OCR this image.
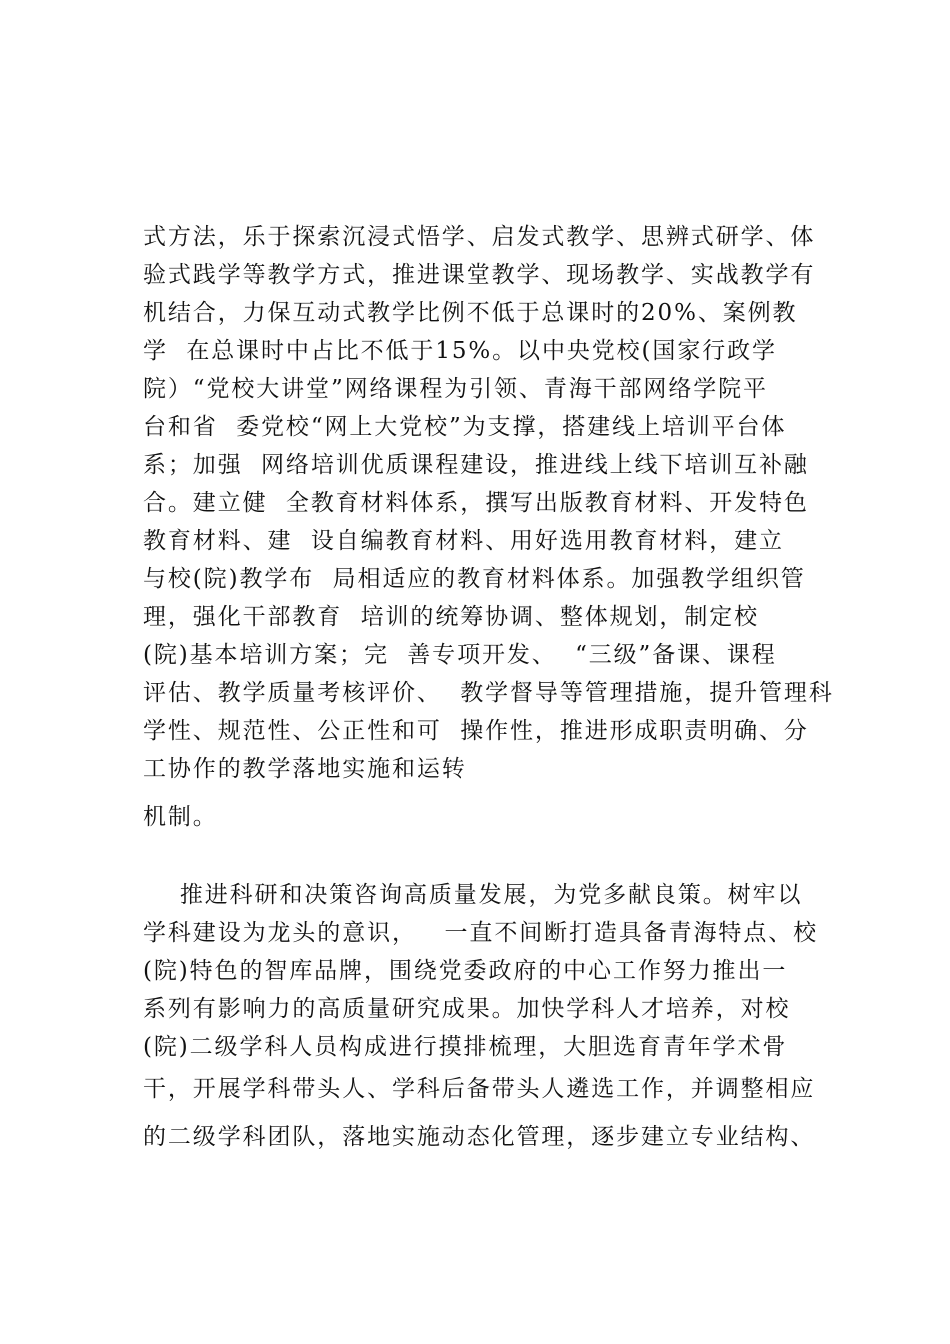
式方法，乐于探索沉浸式悟学、启发式教学、思辨式研学、体
验式践学等教学方式，推进课堂教学、现场教学、实战教学有
机结合，力保互动式教学比例不低于总课时的20%、案例教
学  在总课时中占比不低于15%。以中央党校(国家行政学
院）“党校大讲堂”网络课程为引领、青海干部网络学院平
台和省  委党校“网上大党校”为支撑，搭建线上培训平台体
系；加强  网络培训优质课程建设，推进线上线下培训互补融
合。建立健  全教育材料体系，撰写出版教育材料、开发特色
教育材料、建  设自编教育材料、用好选用教育材料，建立
与校(院)教学布  局相适应的教育材料体系。加强教学组织管
理，强化干部教育  培训的统筹协调、整体规划，制定校
(院)基本培训方案；完  善专项开发、  “三级”备课、课程
评估、教学质量考核评价、  教学督导等管理措施，提升管理科
学性、规范性、公正性和可  操作性，推进形成职责明确、分
工协作的教学落地实施和运转
机制。
推进科研和决策咨询高质量发展，为党多献良策。树牢以
学科建设为龙头的意识，   一直不间断打造具备青海特点、校
(院)特色的智库品牌，围绕党委政府的中心工作努力推出一
系列有影响力的高质量研究成果。加快学科人才培养，对校
(院)二级学科人员构成进行摸排梳理，大胆选育青年学术骨
干，开展学科带头人、学科后备带头人遴选工作，并调整相应
的二级学科团队，落地实施动态化管理，逐步建立专业结构、
